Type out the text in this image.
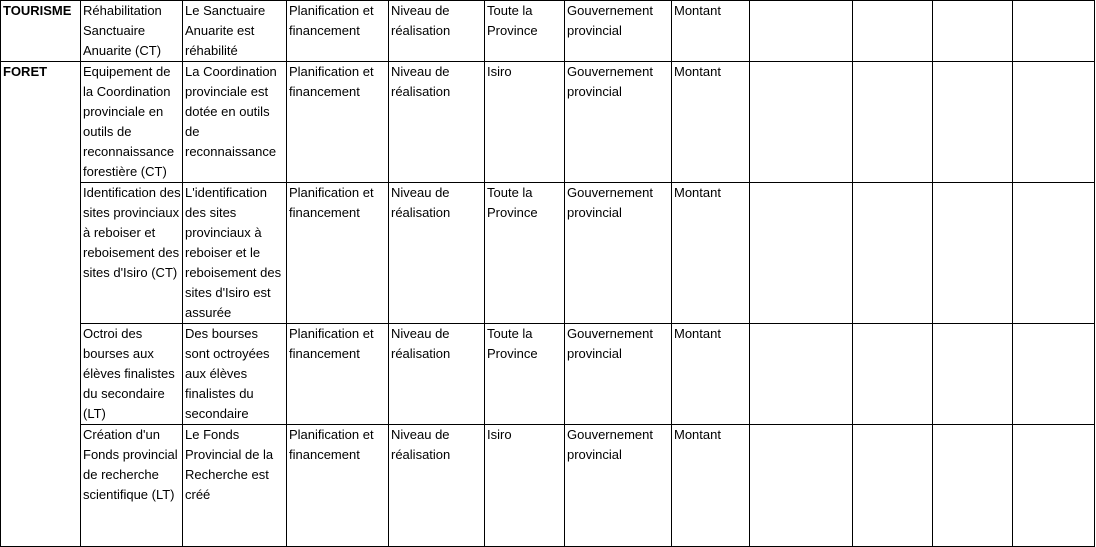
TOURISME	Réhabilitation Sanctuaire Anuarite (CT)	Le Sanctuaire Anuarite est réhabilité	Planification et financement	Niveau de réalisation	Toute la Province	Gouvernement provincial	Montant				
FORET	Equipement de la Coordination provinciale en outils de reconnaissance forestière (CT)	La Coordination provinciale est dotée en outils de reconnaissance	Planification et financement	Niveau de réalisation	Isiro	Gouvernement provincial	Montant				
	Identification des sites provinciaux à reboiser et reboisement des sites d'Isiro (CT)	L'identification des sites provinciaux à reboiser et le reboisement des sites d'Isiro est assurée	Planification et financement	Niveau de réalisation	Toute la Province	Gouvernement provincial	Montant				
	Octroi des bourses aux élèves finalistes du secondaire (LT)	Des bourses sont octroyées aux élèves finalistes du secondaire	Planification et financement	Niveau de réalisation	Toute la Province	Gouvernement provincial	Montant				
	Création d'un Fonds provincial de recherche scientifique (LT)	Le Fonds Provincial de la Recherche est créé	Planification et financement	Niveau de réalisation	Isiro	Gouvernement provincial	Montant				
